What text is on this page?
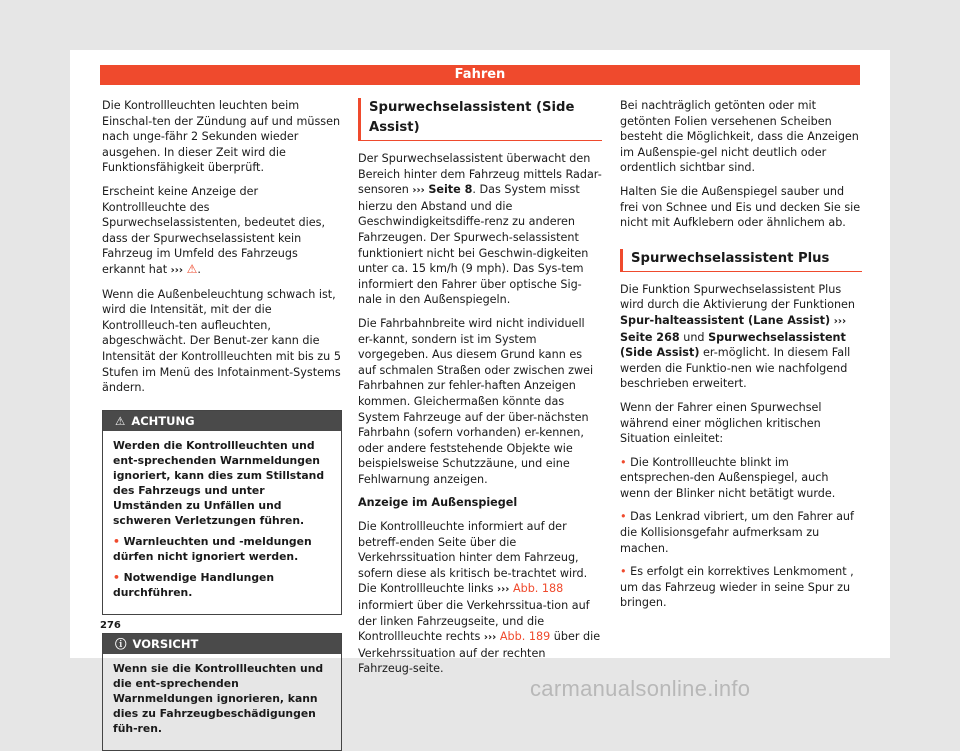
Fahren

Die Kontrollleuchten leuchten beim Einschal-ten der Zündung auf und müssen nach unge-fähr 2 Sekunden wieder ausgehen. In dieser Zeit wird die Funktionsfähigkeit überprüft.

Erscheint keine Anzeige der Kontrollleuchte des Spurwechselassistenten, bedeutet dies, dass der Spurwechselassistent kein Fahrzeug im Umfeld des Fahrzeugs erkannt hat ››› ⚠.

Wenn die Außenbeleuchtung schwach ist, wird die Intensität, mit der die Kontrollleuch-ten aufleuchten, abgeschwächt. Der Benut-zer kann die Intensität der Kontrollleuchten mit bis zu 5 Stufen im Menü des Infotainment-Systems ändern.

⚠ ACHTUNG

Werden die Kontrollleuchten und ent-sprechenden Warnmeldungen ignoriert, kann dies zum Stillstand des Fahrzeugs und unter Umständen zu Unfällen und schweren Verletzungen führen.

• Warnleuchten und -meldungen dürfen nicht ignoriert werden.

• Notwendige Handlungen durchführen.

ⓘ VORSICHT

Wenn sie die Kontrollleuchten und die ent-sprechenden Warnmeldungen ignorieren, kann dies zu Fahrzeugbeschädigungen füh-ren.

Spurwechselassistent (Side Assist)

Der Spurwechselassistent überwacht den Bereich hinter dem Fahrzeug mittels Radar-sensoren ››› Seite 8. Das System misst hierzu den Abstand und die Geschwindigkeitsdiffe-renz zu anderen Fahrzeugen. Der Spurwech-selassistent funktioniert nicht bei Geschwin-digkeiten unter ca. 15 km/h (9 mph). Das Sys-tem informiert den Fahrer über optische Sig-nale in den Außenspiegeln.

Die Fahrbahnbreite wird nicht individuell er-kannt, sondern ist im System vorgegeben. Aus diesem Grund kann es auf schmalen Straßen oder zwischen zwei Fahrbahnen zur fehler-haften Anzeigen kommen. Gleichermaßen könnte das System Fahrzeuge auf der über-nächsten Fahrbahn (sofern vorhanden) er-kennen, oder andere feststehende Objekte wie beispielsweise Schutzzäune, und eine Fehlwarnung anzeigen.

Anzeige im Außenspiegel

Die Kontrollleuchte informiert auf der betreff-enden Seite über die Verkehrssituation hinter dem Fahrzeug, sofern diese als kritisch be-trachtet wird. Die Kontrollleuchte links ››› Abb. 188 informiert über die Verkehrssitua-tion auf der linken Fahrzeugseite, und die Kontrollleuchte rechts ››› Abb. 189 über die Verkehrssituation auf der rechten Fahrzeug-seite.

Bei nachträglich getönten oder mit getönten Folien versehenen Scheiben besteht die Möglichkeit, dass die Anzeigen im Außenspie-gel nicht deutlich oder ordentlich sichtbar sind.

Halten Sie die Außenspiegel sauber und frei von Schnee und Eis und decken Sie sie nicht mit Aufklebern oder ähnlichem ab.

Spurwechselassistent Plus

Die Funktion Spurwechselassistent Plus wird durch die Aktivierung der Funktionen Spur-halteassistent (Lane Assist) ››› Seite 268 und Spurwechselassistent (Side Assist) er-möglicht. In diesem Fall werden die Funktio-nen wie nachfolgend beschrieben erweitert.

Wenn der Fahrer einen Spurwechsel während einer möglichen kritischen Situation einleitet:

• Die Kontrollleuchte blinkt im entsprechen-den Außenspiegel, auch wenn der Blinker nicht betätigt wurde.

• Das Lenkrad vibriert, um den Fahrer auf die Kollisionsgefahr aufmerksam zu machen.

• Es erfolgt ein korrektives Lenkmoment , um das Fahrzeug wieder in seine Spur zu bringen.

276
carmanualsonline.info
